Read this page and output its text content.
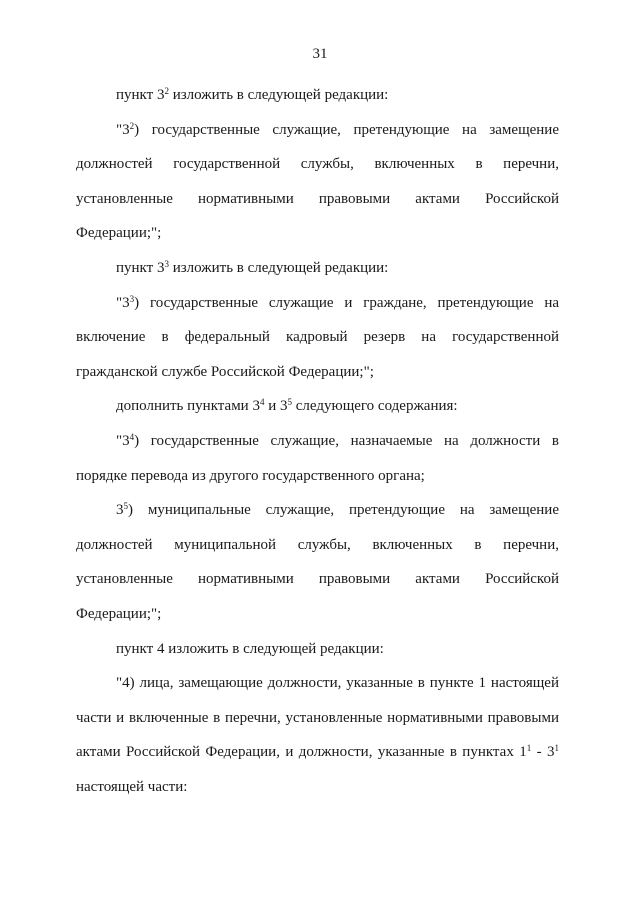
31

пункт $3^2$ изложить в следующей редакции:

"$3^2$) государственные служащие, претендующие на замещение должностей государственной службы, включенных в перечни, установленные нормативными правовыми актами Российской Федерации;";

пункт $3^3$ изложить в следующей редакции:

"$3^3$) государственные служащие и граждане, претендующие на включение в федеральный кадровый резерв на государственной гражданской службе Российской Федерации;";

дополнить пунктами $3^4$ и $3^5$ следующего содержания:

"$3^4$) государственные служащие, назначаемые на должности в порядке перевода из другого государственного органа;

$3^5$) муниципальные служащие, претендующие на замещение должностей муниципальной службы, включенных в перечни, установленные нормативными правовыми актами Российской Федерации;";

пункт 4 изложить в следующей редакции:

"4) лица, замещающие должности, указанные в пункте 1 настоящей части и включенные в перечни, установленные нормативными правовыми актами Российской Федерации, и должности, указанные в пунктах $1^1 - 3^1$ настоящей части:
